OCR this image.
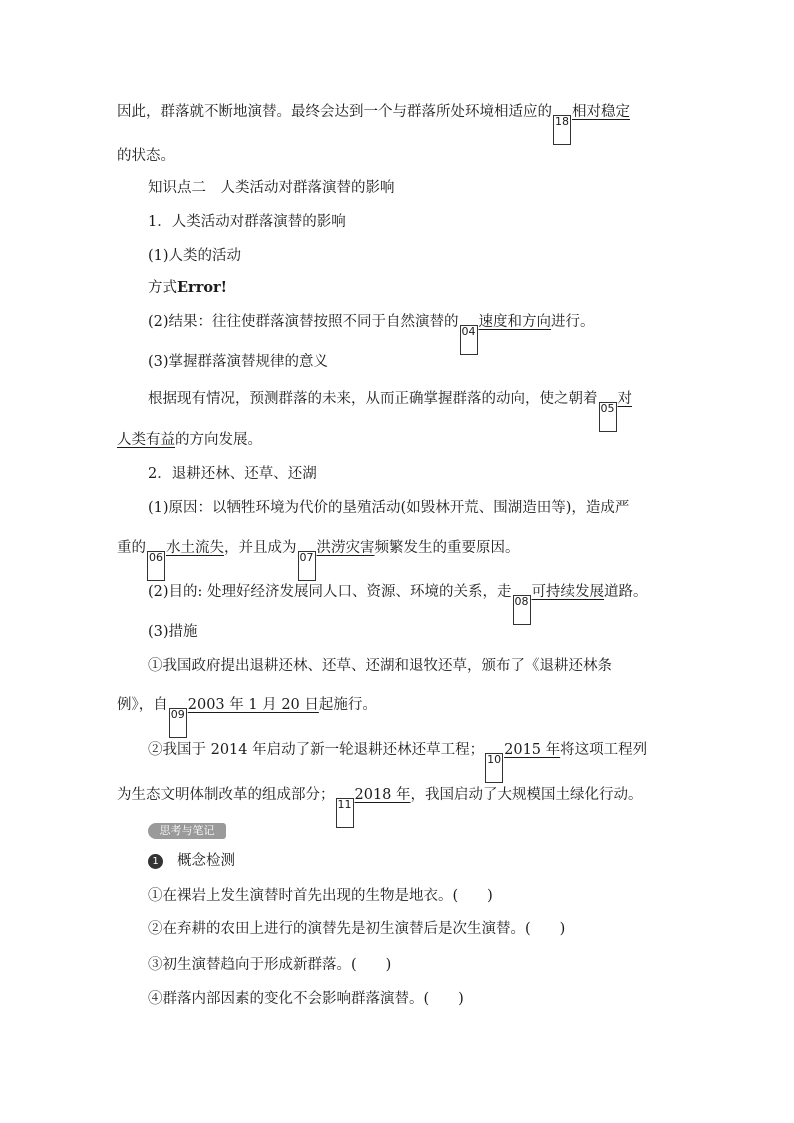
因此，群落就不断地演替。最终会达到一个与群落所处环境相适应的18相对稳定
的状态。
知识点二　人类活动对群落演替的影响
1．人类活动对群落演替的影响
(1)人类的活动
方式Error!
(2)结果：往往使群落演替按照不同于自然演替的04速度和方向进行。
(3)掌握群落演替规律的意义
根据现有情况，预测群落的未来，从而正确掌握群落的动向，使之朝着05对
人类有益的方向发展。
2．退耕还林、还草、还湖
(1)原因：以牺牲环境为代价的垦殖活动(如毁林开荒、围湖造田等)，造成严
重的06水土流失，并且成为07洪涝灾害频繁发生的重要原因。
(2)目的: 处理好经济发展同人口、资源、环境的关系，走08可持续发展道路。
(3)措施
①我国政府提出退耕还林、还草、还湖和退牧还草，颁布了《退耕还林条
例》，自092003 年 1 月 20 日起施行。
②我国于 2014 年启动了新一轮退耕还林还草工程；102015 年将这项工程列
为生态文明体制改革的组成部分；112018 年，我国启动了大规模国土绿化行动。
思考与笔记
1 概念检测
①在裸岩上发生演替时首先出现的生物是地衣。(　　)
②在弃耕的农田上进行的演替先是初生演替后是次生演替。(　　)
③初生演替趋向于形成新群落。(　　)
④群落内部因素的变化不会影响群落演替。(　　)
